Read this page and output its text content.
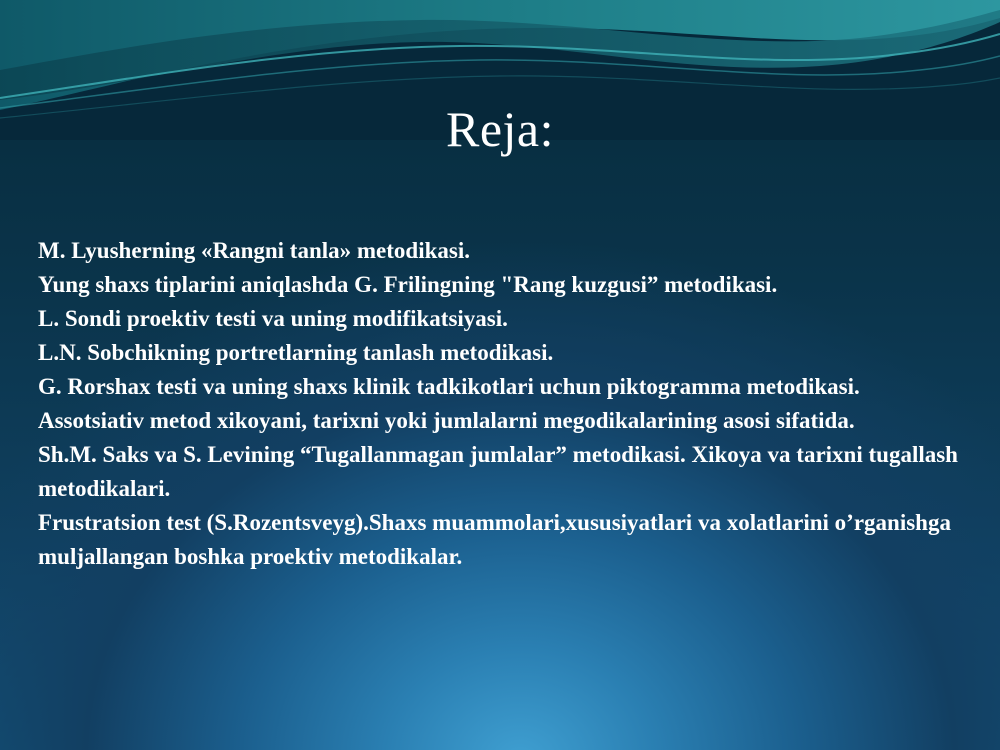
Reja:

M. Lyusherning «Rangni tanla» metodikasi.

Yung shaxs tiplarini aniqlashda G. Frilingning "Rang kuzgusi” metodikasi.

L. Sondi proektiv testi va uning modifikatsiyasi.

L.N. Sobchikning portretlarning tanlash metodikasi.

G. Rorshax testi va uning shaxs klinik tadkikotlari uchun piktogramma metodikasi.

Assotsiativ metod xikoyani, tarixni yoki jumlalarni megodikalarining asosi sifatida.

Sh.M. Saks va S. Levining “Tugallanmagan jumlalar” metodikasi. Xikoya va tarixni tugallash metodikalari.

Frustratsion test (S.Rozentsveyg).Shaxs muammolari,xususiyatlari va xolatlarini o’rganishga muljallangan boshka proektiv metodikalar.
